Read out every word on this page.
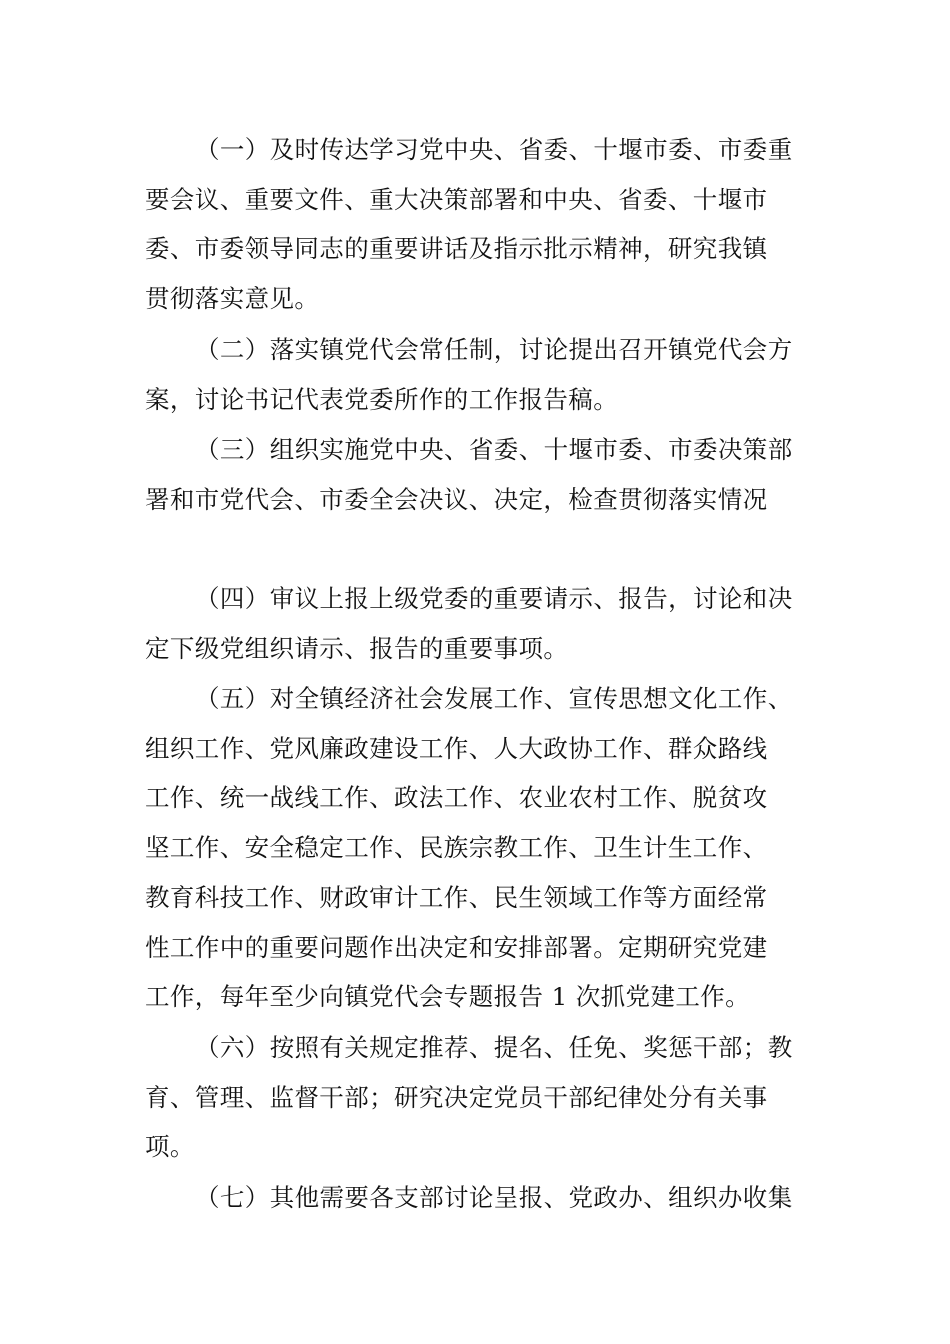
（一）及时传达学习党中央、省委、十堰市委、市委重
要会议、重要文件、重大决策部署和中央、省委、十堰市
委、市委领导同志的重要讲话及指示批示精神，研究我镇
贯彻落实意见。
（二）落实镇党代会常任制，讨论提出召开镇党代会方
案，讨论书记代表党委所作的工作报告稿。
（三）组织实施党中央、省委、十堰市委、市委决策部
署和市党代会、市委全会决议、决定，检查贯彻落实情况
（四）审议上报上级党委的重要请示、报告，讨论和决
定下级党组织请示、报告的重要事项。
（五）对全镇经济社会发展工作、宣传思想文化工作、
组织工作、党风廉政建设工作、人大政协工作、群众路线
工作、统一战线工作、政法工作、农业农村工作、脱贫攻
坚工作、安全稳定工作、民族宗教工作、卫生计生工作、
教育科技工作、财政审计工作、民生领域工作等方面经常
性工作中的重要问题作出决定和安排部署。定期研究党建
工作，每年至少向镇党代会专题报告 1 次抓党建工作。
（六）按照有关规定推荐、提名、任免、奖惩干部；教
育、管理、监督干部；研究决定党员干部纪律处分有关事
项。
（七）其他需要各支部讨论呈报、党政办、组织办收集
